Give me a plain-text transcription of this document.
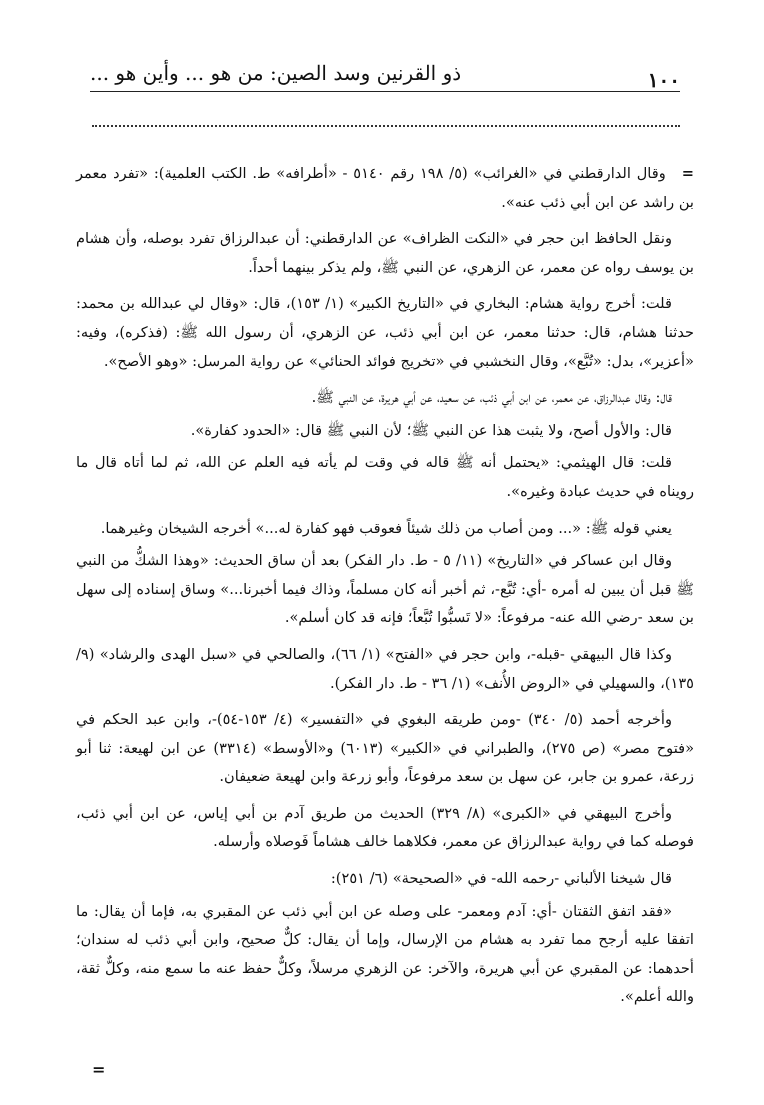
١٠٠
ذو القرنين وسد الصين: من هو ... وأين هو ...

=وقال الدارقطني في «الغرائب» (٥/ ١٩٨ رقم ٥١٤٠ - «أطرافه» ط. الكتب العلمية): «تفرد معمر بن راشد عن ابن أبي ذئب عنه».

ونقل الحافظ ابن حجر في «النكت الظراف» عن الدارقطني: أن عبدالرزاق تفرد بوصله، وأن هشام بن يوسف رواه عن معمر، عن الزهري، عن النبي ﷺ، ولم يذكر بينهما أحداً.

قلت: أخرج رواية هشام: البخاري في «التاريخ الكبير» (١/ ١٥٣)، قال: «وقال لي عبدالله بن محمد: حدثنا هشام، قال: حدثنا معمر، عن ابن أبي ذئب، عن الزهري، أن رسول الله ﷺ: (فذكره)، وفيه: «أعزير»، بدل: «تُبَّع»، وقال النخشبي في «تخريج فوائد الحنائي» عن رواية المرسل: «وهو الأصح».

قال: وقال عبدالرزاق، عن معمر، عن ابن أبي ذئب، عن سعيد، عن أبي هريرة، عن النبي ﷺ.

قال: والأول أصح، ولا يثبت هذا عن النبي ﷺ؛ لأن النبي ﷺ قال: «الحدود كفارة».

قلت: قال الهيثمي: «يحتمل أنه ﷺ قاله في وقت لم يأته فيه العلم عن الله، ثم لما أتاه قال ما رويناه في حديث عبادة وغيره».

يعني قوله ﷺ: «... ومن أصاب من ذلك شيئاً فعوقب فهو كفارة له...» أخرجه الشيخان وغيرهما.

وقال ابن عساكر في «التاريخ» (١١/ ٥ - ط. دار الفكر) بعد أن ساق الحديث: «وهذا الشكُّ من النبي ﷺ قبل أن يبين له أمره -أي: تُبَّع-، ثم أخبر أنه كان مسلماً، وذاك فيما أخبرنا...» وساق إسناده إلى سهل بن سعد -رضي الله عنه- مرفوعاً: «لا تَسبُّوا تُبَّعاً؛ فإنه قد كان أسلم».

وكذا قال البيهقي -قبله-، وابن حجر في «الفتح» (١/ ٦٦)، والصالحي في «سبل الهدى والرشاد» (٩/ ١٣٥)، والسهيلي في «الروض الأُنف» (١/ ٣٦ - ط. دار الفكر).

وأخرجه أحمد (٥/ ٣٤٠) -ومن طريقه البغوي في «التفسير» (٤/ ١٥٣-٥٤)-، وابن عبد الحكم في «فتوح مصر» (ص ٢٧٥)، والطبراني في «الكبير» (٦٠١٣) و«الأوسط» (٣٣١٤) عن ابن لهيعة: ثنا أبو زرعة، عمرو بن جابر، عن سهل بن سعد مرفوعاً، وأبو زرعة وابن لهيعة ضعيفان.

وأخرج البيهقي في «الكبرى» (٨/ ٣٢٩) الحديث من طريق آدم بن أبي إياس، عن ابن أبي ذئب، فوصله كما في رواية عبدالرزاق عن معمر، فكلاهما خالف هشاماً فَوصلاه وأرسله.

قال شيخنا الألباني -رحمه الله- في «الصحيحة» (٦/ ٢٥١):

«فقد اتفق الثقتان -أي: آدم ومعمر- على وصله عن ابن أبي ذئب عن المقبري به، فإما أن يقال: ما اتفقا عليه أرجح مما تفرد به هشام من الإرسال، وإما أن يقال: كلٌّ صحيح، وابن أبي ذئب له سندان؛ أحدهما: عن المقبري عن أبي هريرة، والآخر: عن الزهري مرسلاً، وكلٌّ حفظ عنه ما سمع منه، وكلٌّ ثقة، والله أعلم».

=
